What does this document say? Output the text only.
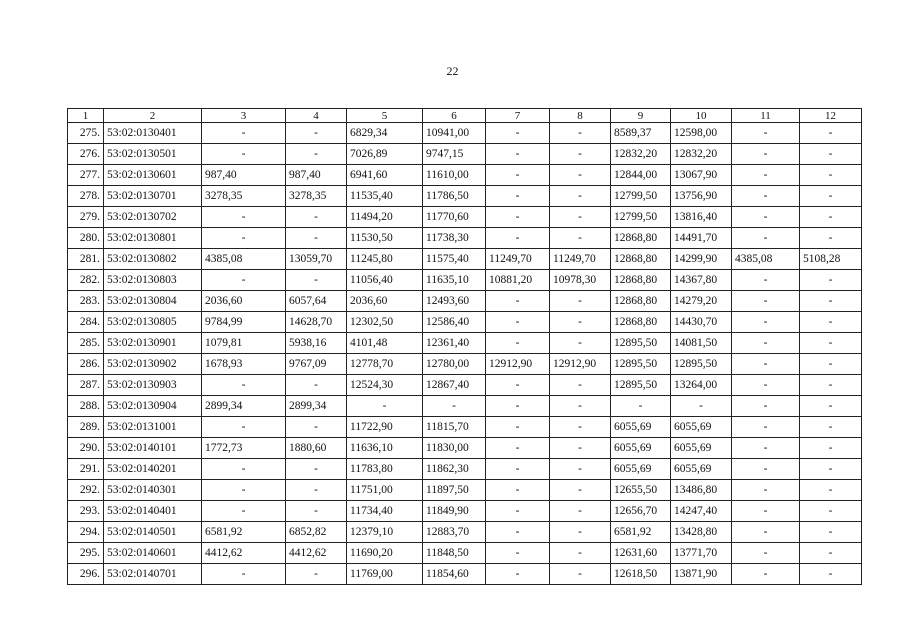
22
1	2	3	4	5	6	7	8	9	10	11	12
275.	53:02:0130401	-	-	6829,34	10941,00	-	-	8589,37	12598,00	-	-
276.	53:02:0130501	-	-	7026,89	9747,15	-	-	12832,20	12832,20	-	-
277.	53:02:0130601	987,40	987,40	6941,60	11610,00	-	-	12844,00	13067,90	-	-
278.	53:02:0130701	3278,35	3278,35	11535,40	11786,50	-	-	12799,50	13756,90	-	-
279.	53:02:0130702	-	-	11494,20	11770,60	-	-	12799,50	13816,40	-	-
280.	53:02:0130801	-	-	11530,50	11738,30	-	-	12868,80	14491,70	-	-
281.	53:02:0130802	4385,08	13059,70	11245,80	11575,40	11249,70	11249,70	12868,80	14299,90	4385,08	5108,28
282.	53:02:0130803	-	-	11056,40	11635,10	10881,20	10978,30	12868,80	14367,80	-	-
283.	53:02:0130804	2036,60	6057,64	2036,60	12493,60	-	-	12868,80	14279,20	-	-
284.	53:02:0130805	9784,99	14628,70	12302,50	12586,40	-	-	12868,80	14430,70	-	-
285.	53:02:0130901	1079,81	5938,16	4101,48	12361,40	-	-	12895,50	14081,50	-	-
286.	53:02:0130902	1678,93	9767,09	12778,70	12780,00	12912,90	12912,90	12895,50	12895,50	-	-
287.	53:02:0130903	-	-	12524,30	12867,40	-	-	12895,50	13264,00	-	-
288.	53:02:0130904	2899,34	2899,34	-	-	-	-	-	-	-	-
289.	53:02:0131001	-	-	11722,90	11815,70	-	-	6055,69	6055,69	-	-
290.	53:02:0140101	1772,73	1880,60	11636,10	11830,00	-	-	6055,69	6055,69	-	-
291.	53:02:0140201	-	-	11783,80	11862,30	-	-	6055,69	6055,69	-	-
292.	53:02:0140301	-	-	11751,00	11897,50	-	-	12655,50	13486,80	-	-
293.	53:02:0140401	-	-	11734,40	11849,90	-	-	12656,70	14247,40	-	-
294.	53:02:0140501	6581,92	6852,82	12379,10	12883,70	-	-	6581,92	13428,80	-	-
295.	53:02:0140601	4412,62	4412,62	11690,20	11848,50	-	-	12631,60	13771,70	-	-
296.	53:02:0140701	-	-	11769,00	11854,60	-	-	12618,50	13871,90	-	-
